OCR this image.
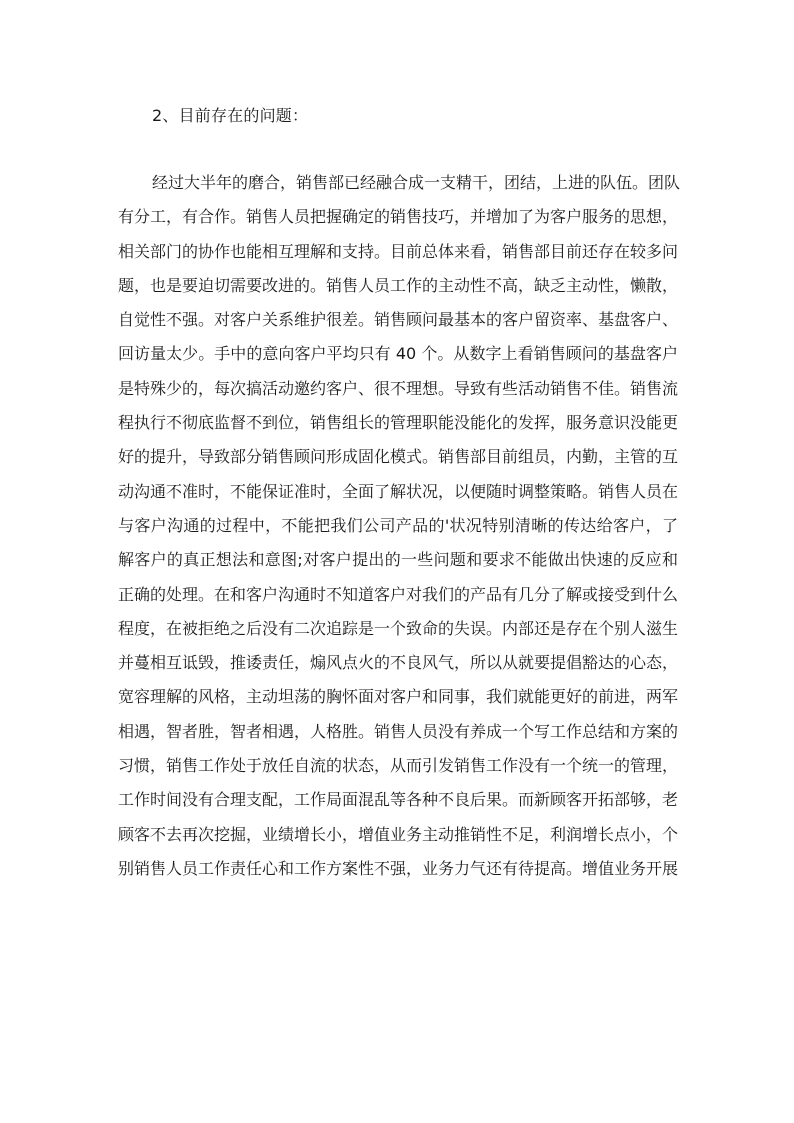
2、目前存在的问题：
经过大半年的磨合，销售部已经融合成一支精干，团结，上进的队伍。团队
有分工，有合作。销售人员把握确定的销售技巧，并增加了为客户服务的思想，
相关部门的协作也能相互理解和支持。目前总体来看，销售部目前还存在较多问
题，也是要迫切需要改进的。销售人员工作的主动性不高，缺乏主动性，懒散，
自觉性不强。对客户关系维护很差。销售顾问最基本的客户留资率、基盘客户、
回访量太少。手中的意向客户平均只有 40 个。从数字上看销售顾问的基盘客户
是特殊少的，每次搞活动邀约客户、很不理想。导致有些活动销售不佳。销售流
程执行不彻底监督不到位，销售组长的管理职能没能化的发挥，服务意识没能更
好的提升，导致部分销售顾问形成固化模式。销售部目前组员，内勤，主管的互
动沟通不准时，不能保证准时，全面了解状况，以便随时调整策略。销售人员在
与客户沟通的过程中，不能把我们公司产品的'状况特别清晰的传达给客户，了
解客户的真正想法和意图;对客户提出的一些问题和要求不能做出快速的反应和
正确的处理。在和客户沟通时不知道客户对我们的产品有几分了解或接受到什么
程度，在被拒绝之后没有二次追踪是一个致命的失误。内部还是存在个别人滋生
并蔓相互诋毁，推诿责任，煽风点火的不良风气，所以从就要提倡豁达的心态，
宽容理解的风格，主动坦荡的胸怀面对客户和同事，我们就能更好的前进，两军
相遇，智者胜，智者相遇，人格胜。销售人员没有养成一个写工作总结和方案的
习惯，销售工作处于放任自流的状态，从而引发销售工作没有一个统一的管理，
工作时间没有合理支配，工作局面混乱等各种不良后果。而新顾客开拓部够，老
顾客不去再次挖掘，业绩增长小，增值业务主动推销性不足，利润增长点小，个
别销售人员工作责任心和工作方案性不强，业务力气还有待提高。增值业务开展
